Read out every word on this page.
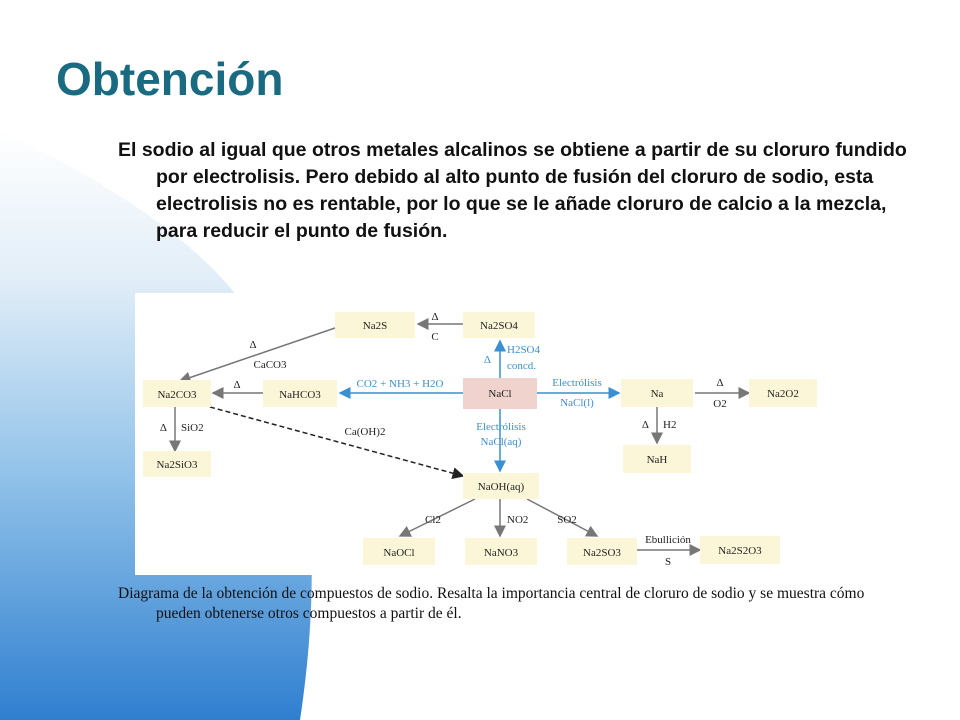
Obtención

El sodio al igual que otros metales alcalinos se obtiene a partir de su cloruro fundido por electrolisis. Pero debido al alto punto de fusión del cloruro de sodio, esta electrolisis no es rentable, por lo que se le añade cloruro de calcio a la mezcla, para reducir el punto de fusión.

Na2S	Na2SO4
Na2CO3	NaHCO3	NaCl	Na	Na2O2
Na2SiO3	NaH
NaOH(aq)
NaOCl	NaNO3	Na2SO3	Na2S2O3
Δ
C
Δ
CaCO3
Δ	CO2 + NH3 + H2O
Δ
H2SO4
concd.
Electrólisis
NaCl(l)
Δ
O2
Δ SiO2	Δ H2
Electrólisis
NaCl(aq)
Ca(OH)2
Cl2	NO2	SO2
Ebullición
S

Diagrama de la obtención de compuestos de sodio. Resalta la importancia central de cloruro de sodio y se muestra cómo pueden obtenerse otros compuestos a partir de él.
